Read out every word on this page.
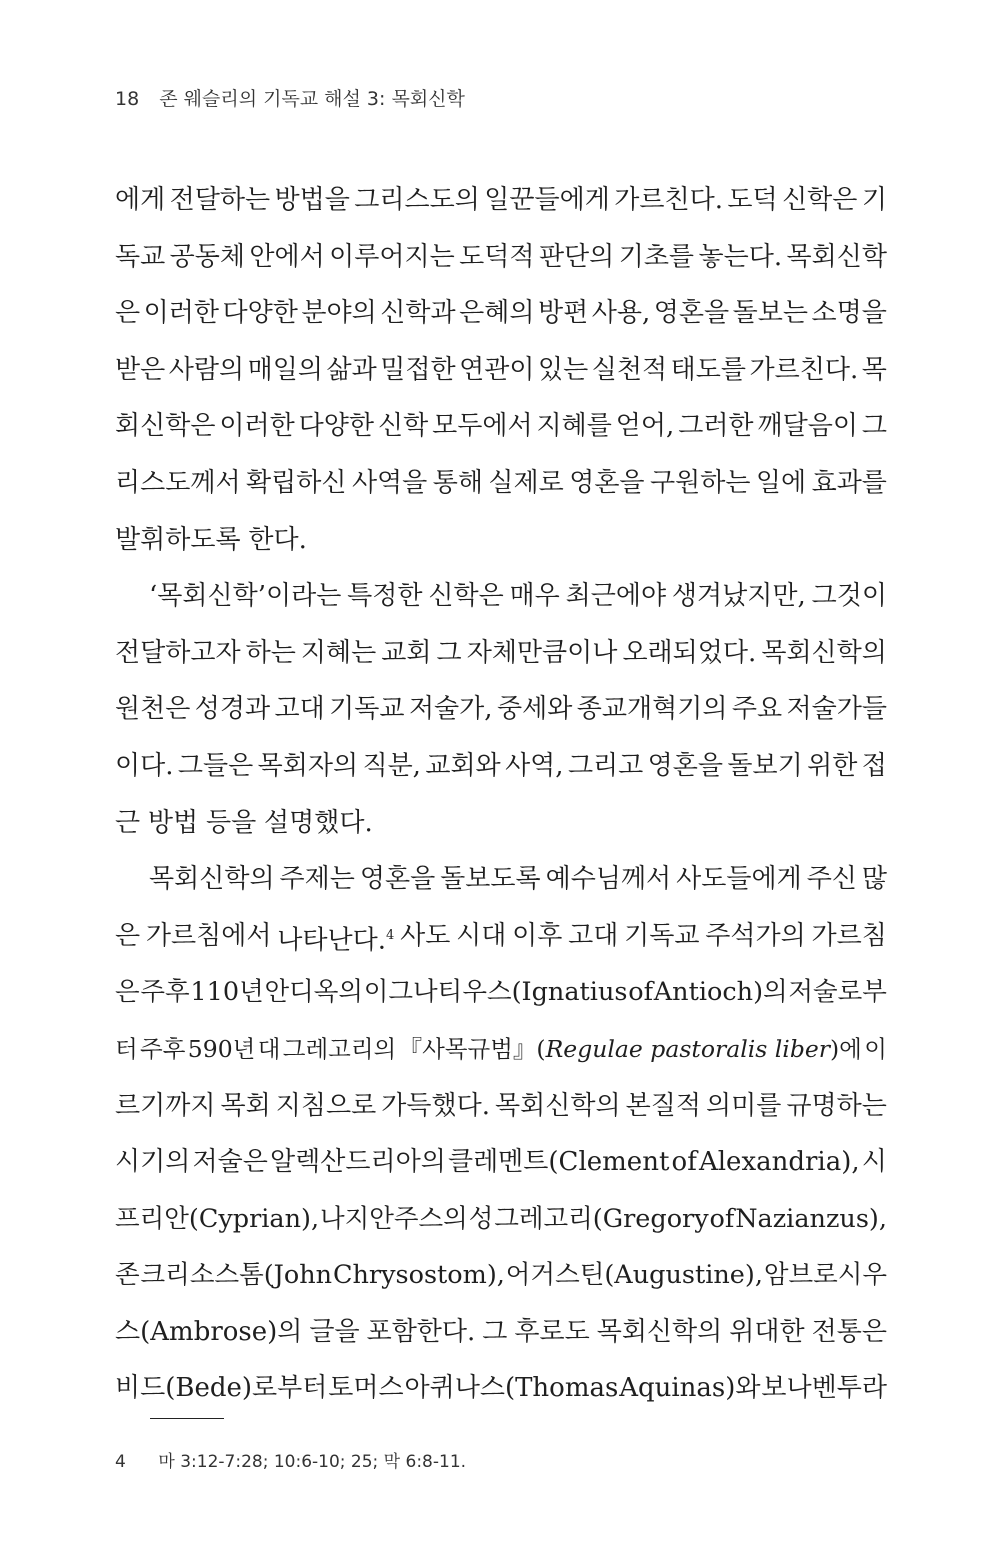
18 존 웨슬리의 기독교 해설 3: 목회신학
에게 전달하는 방법을 그리스도의 일꾼들에게 가르친다. 도덕 신학은 기
독교 공동체 안에서 이루어지는 도덕적 판단의 기초를 놓는다. 목회신학
은 이러한 다양한 분야의 신학과 은혜의 방편 사용, 영혼을 돌보는 소명을
받은 사람의 매일의 삶과 밀접한 연관이 있는 실천적 태도를 가르친다. 목
회신학은 이러한 다양한 신학 모두에서 지혜를 얻어, 그러한 깨달음이 그
리스도께서 확립하신 사역을 통해 실제로 영혼을 구원하는 일에 효과를
발휘하도록 한다.
‘목회신학’이라는 특정한 신학은 매우 최근에야 생겨났지만, 그것이
전달하고자 하는 지혜는 교회 그 자체만큼이나 오래되었다. 목회신학의
원천은 성경과 고대 기독교 저술가, 중세와 종교개혁기의 주요 저술가들
이다. 그들은 목회자의 직분, 교회와 사역, 그리고 영혼을 돌보기 위한 접
근 방법 등을 설명했다.
목회신학의 주제는 영혼을 돌보도록 예수님께서 사도들에게 주신 많
은 가르침에서 나타난다.$^4$ 사도 시대 이후 고대 기독교 주석가의 가르침
은 주후 110년 안디옥의 이그나티우스(Ignatius of Antioch)의 저술로부
터 주후 590년 대 그레고리의 『사목규범』(Regulae pastoralis liber)에 이
르기까지 목회 지침으로 가득했다. 목회신학의 본질적 의미를 규명하는
시기의 저술은 알렉산드리아의 클레멘트(Clement of Alexandria), 시
프리안(Cyprian), 나지안주스의 성 그레고리(Gregory of Nazianzus),
존 크리소스톰(John Chrysostom), 어거스틴(Augustine), 암브로시우
스(Ambrose)의 글을 포함한다. 그 후로도 목회신학의 위대한 전통은
비드(Bede)로부터 토머스 아퀴나스(Thomas Aquinas)와 보나벤투라
4 마 3:12-7:28; 10:6-10; 25; 막 6:8-11.
